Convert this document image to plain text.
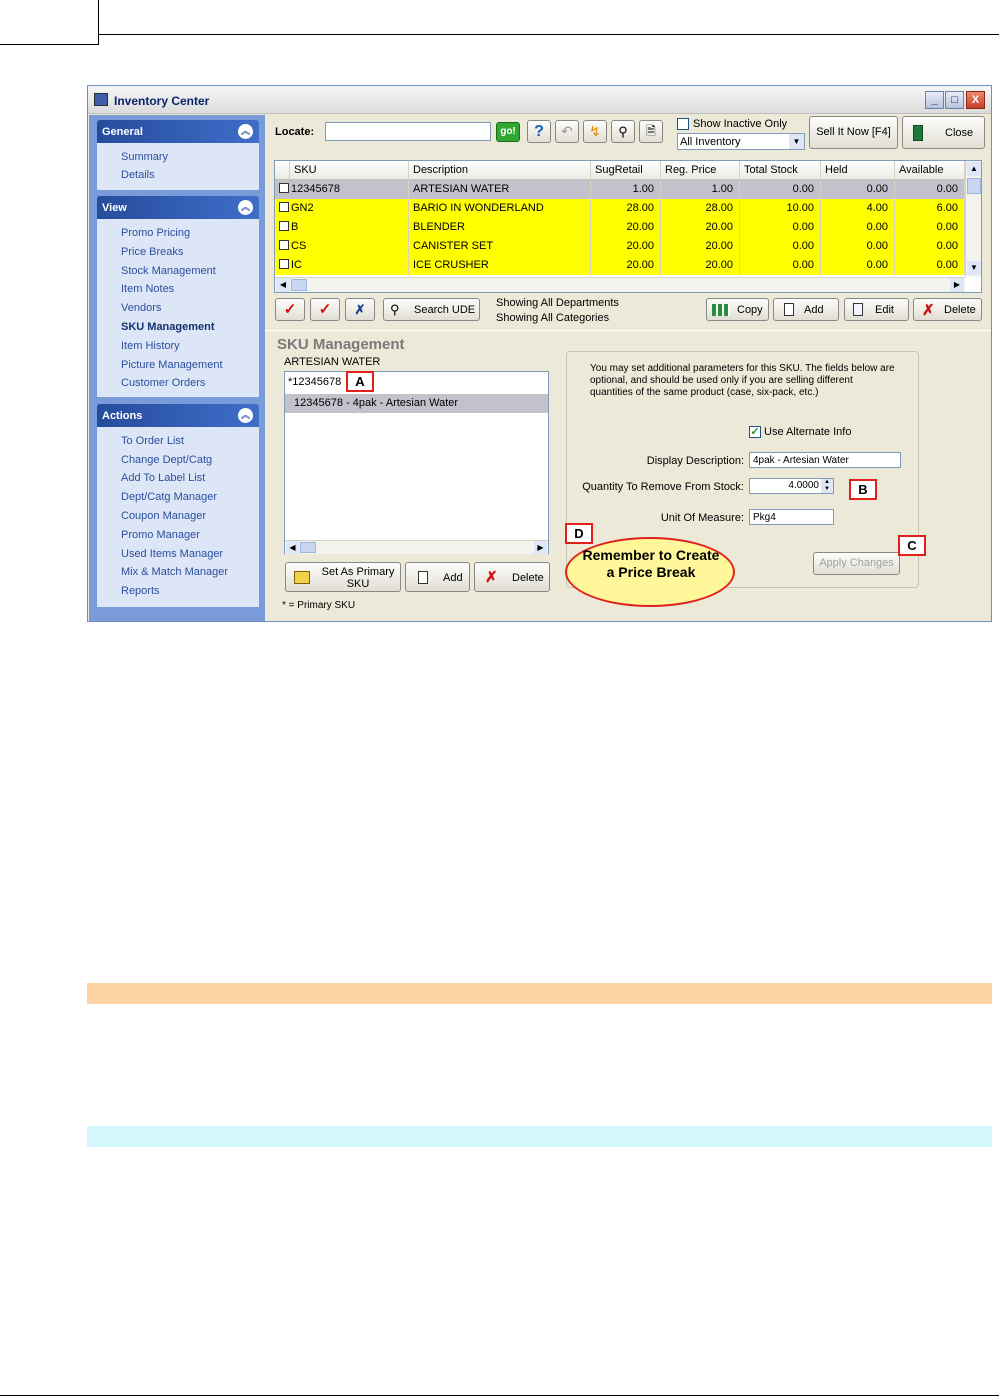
Inventory Center	_	□	X
General	︽
Summary
Details
View	︽
Promo Pricing
Price Breaks
Stock Management
Item Notes
Vendors
SKU Management
Item History
Picture Management
Customer Orders
Actions	︽
To Order List
Change Dept/Catg
Add To Label List
Dept/Catg Manager
Coupon Manager
Promo Manager
Used Items Manager
Mix & Match Manager
Reports
Locate:	go!	?	↶	↯	⚲	🗎	Show Inactive Only
All Inventory	▼
Sell It Now [F4]	Close
SKU	Description	SugRetail	Reg. Price	Total Stock	Held	Available
12345678	ARTESIAN WATER	1.00	1.00	0.00	0.00	0.00
GN2	BARIO IN WONDERLAND	28.00	28.00	10.00	4.00	6.00
B	BLENDER	20.00	20.00	0.00	0.00	0.00
CS	CANISTER SET	20.00	20.00	0.00	0.00	0.00
IC	ICE CRUSHER	20.00	20.00	0.00	0.00	0.00
▲
▼
◀	▶
✓	✓	✗	⚲ Search UDE
Showing All Departments
Showing All Categories
Copy	Add	Edit ✗ Delete
SKU Management
ARTESIAN WATER
*12345678
12345678 - 4pak - Artesian Water
◀	▶
Set As Primary SKU	Add ✗ Delete
* = Primary SKU
You may set additional parameters for this SKU. The fields below are optional, and should be used only if you are selling different quantities of the same product (case, six-pack, etc.)
✓ Use Alternate Info
Display Description:
4pak - Artesian Water
Quantity To Remove From Stock:	4.0000 ▲
▼
Unit Of Measure:
Pkg4
Apply Changes
A
B
C
Remember to Create a Price Break
D
